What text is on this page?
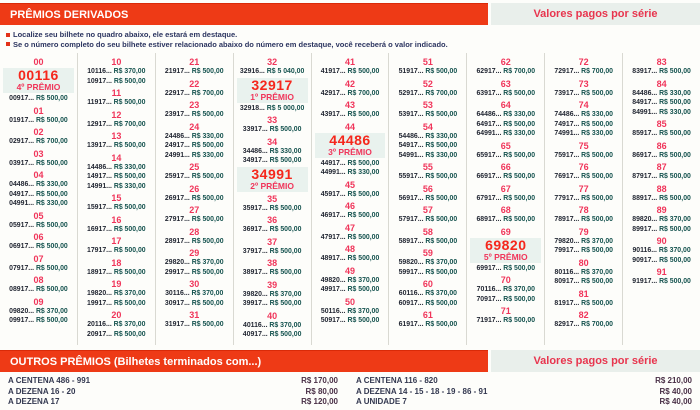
PRÊMIOS DERIVADOS	Valores pagos por série
Localize seu bilhete no quadro abaixo, ele estará em destaque.
Se o número completo do seu bilhete estiver relacionado abaixo do número em destaque, você receberá o valor indicado.
00
00116
4º PRÊMIO
00917... R$ 500,00
01
01917... R$ 500,00
02
02917... R$ 700,00
03
03917... R$ 500,00
04
04486... R$ 330,00
04917... R$ 500,00
04991... R$ 330,00
05
05917... R$ 500,00
06
06917... R$ 500,00
07
07917... R$ 500,00
08
08917... R$ 500,00
09
09820... R$ 370,00
09917... R$ 500,00
10
10116... R$ 370,00
10917... R$ 500,00
11
11917... R$ 500,00
12
12917... R$ 700,00
13
13917... R$ 500,00
14
14486... R$ 330,00
14917... R$ 500,00
14991... R$ 330,00
15
15917... R$ 500,00
16
16917... R$ 500,00
17
17917... R$ 500,00
18
18917... R$ 500,00
19
19820... R$ 370,00
19917... R$ 500,00
20
20116... R$ 370,00
20917... R$ 500,00
21
21917... R$ 500,00
22
22917... R$ 700,00
23
23917... R$ 500,00
24
24486... R$ 330,00
24917... R$ 500,00
24991... R$ 330,00
25
25917... R$ 500,00
26
26917... R$ 500,00
27
27917... R$ 500,00
28
28917... R$ 500,00
29
29820... R$ 370,00
29917... R$ 500,00
30
30116... R$ 370,00
30917... R$ 500,00
31
31917... R$ 500,00
32
32916... R$ 5 040,00
32917
1º PRÊMIO
32918... R$ 5 000,00
33
33917... R$ 500,00
34
34486... R$ 330,00
34917... R$ 500,00
34991
2º PRÊMIO
35
35917... R$ 500,00
36
36917... R$ 500,00
37
37917... R$ 500,00
38
38917... R$ 500,00
39
39820... R$ 370,00
39917... R$ 500,00
40
40116... R$ 370,00
40917... R$ 500,00
41
41917... R$ 500,00
42
42917... R$ 700,00
43
43917... R$ 500,00
44
44486
3º PRÊMIO
44917... R$ 500,00
44991... R$ 330,00
45
45917... R$ 500,00
46
46917... R$ 500,00
47
47917... R$ 500,00
48
48917... R$ 500,00
49
49820... R$ 370,00
49917... R$ 500,00
50
50116... R$ 370,00
50917... R$ 500,00
51
51917... R$ 500,00
52
52917... R$ 700,00
53
53917... R$ 500,00
54
54486... R$ 330,00
54917... R$ 500,00
54991... R$ 330,00
55
55917... R$ 500,00
56
56917... R$ 500,00
57
57917... R$ 500,00
58
58917... R$ 500,00
59
59820... R$ 370,00
59917... R$ 500,00
60
60116... R$ 370,00
60917... R$ 500,00
61
61917... R$ 500,00
62
62917... R$ 700,00
63
63917... R$ 500,00
64
64486... R$ 330,00
64917... R$ 500,00
64991... R$ 330,00
65
65917... R$ 500,00
66
66917... R$ 500,00
67
67917... R$ 500,00
68
68917... R$ 500,00
69
69820
5º PRÊMIO
69917... R$ 500,00
70
70116... R$ 370,00
70917... R$ 500,00
71
71917... R$ 500,00
72
72917... R$ 700,00
73
73917... R$ 500,00
74
74486... R$ 330,00
74917... R$ 500,00
74991... R$ 330,00
75
75917... R$ 500,00
76
76917... R$ 500,00
77
77917... R$ 500,00
78
78917... R$ 500,00
79
79820... R$ 370,00
79917... R$ 500,00
80
80116... R$ 370,00
80917... R$ 500,00
81
81917... R$ 500,00
82
82917... R$ 700,00
83
83917... R$ 500,00
84
84486... R$ 330,00
84917... R$ 500,00
84991... R$ 330,00
85
85917... R$ 500,00
86
86917... R$ 500,00
87
87917... R$ 500,00
88
88917... R$ 500,00
89
89820... R$ 370,00
89917... R$ 500,00
90
90116... R$ 370,00
90917... R$ 500,00
91
91917... R$ 500,00
OUTROS PRÊMIOS (Bilhetes terminados com...)	Valores pagos por série
A CENTENA 486 - 991	R$ 170,00
A DEZENA 16 - 20	R$ 80,00
A DEZENA 17	R$ 120,00
A CENTENA 116 - 820	R$ 210,00
A DEZENA 14 - 15 - 18 - 19 - 86 - 91	R$ 40,00
A UNIDADE 7	R$ 40,00
